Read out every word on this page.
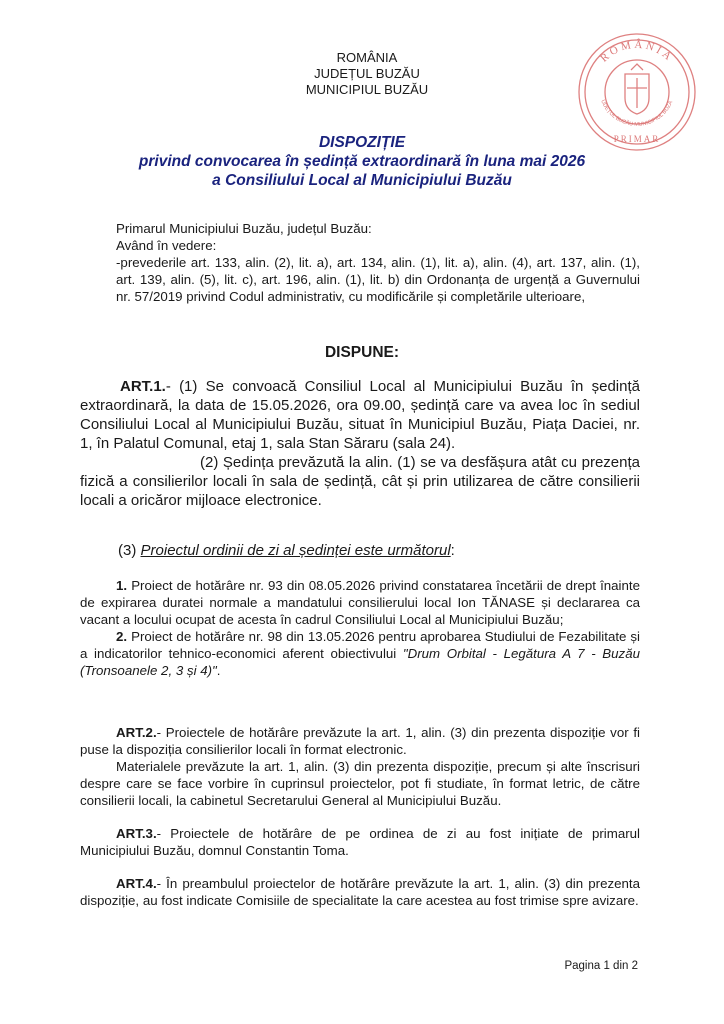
ROMÂNIA
JUDEȚUL BUZĂU
MUNICIPIUL BUZĂU
ROMÂNIA
UDEȚUL BUZĂU MUNICIPIUL BUZĂ
PRIMAR
DISPOZIȚIE
privind convocarea în ședință extraordinară în luna mai 2026
a Consiliului Local al Municipiului Buzău
Primarul Municipiului Buzău, județul Buzău:
Având în vedere:
-prevederile art. 133, alin. (2), lit. a), art. 134, alin. (1), lit. a), alin. (4), art. 137, alin. (1), art. 139, alin. (5), lit. c), art. 196, alin. (1), lit. b) din Ordonanța de urgență a Guvernului nr. 57/2019 privind Codul administrativ, cu modificările și completările ulterioare,
DISPUNE:

ART.1.- (1) Se convoacă Consiliul Local al Municipiului Buzău în ședință extraordinară, la data de 15.05.2026, ora 09.00, ședință care va avea loc în sediul Consiliului Local al Municipiului Buzău, situat în Municipiul Buzău, Piața Daciei, nr. 1, în Palatul Comunal, etaj 1, sala Stan Săraru (sala 24).

(2) Ședința prevăzută la alin. (1) se va desfășura atât cu prezența fizică a consilierilor locali în sala de ședință, cât și prin utilizarea de către consilierii locali a oricăror mijloace electronice.

(3) Proiectul ordinii de zi al ședinței este următorul:

1. Proiect de hotărâre nr. 93 din 08.05.2026 privind constatarea încetării de drept înainte de expirarea duratei normale a mandatului consilierului local Ion TĂNASE și declararea ca vacant a locului ocupat de acesta în cadrul Consiliului Local al Municipiului Buzău;

2. Proiect de hotărâre nr. 98 din 13.05.2026 pentru aprobarea Studiului de Fezabilitate și a indicatorilor tehnico-economici aferent obiectivului "Drum Orbital - Legătura A 7 - Buzău (Tronsoanele 2, 3 și 4)".

ART.2.- Proiectele de hotărâre prevăzute la art. 1, alin. (3) din prezenta dispoziție vor fi puse la dispoziția consilierilor locali în format electronic.

Materialele prevăzute la art. 1, alin. (3) din prezenta dispoziție, precum și alte înscrisuri despre care se face vorbire în cuprinsul proiectelor, pot fi studiate, în format letric, de către consilierii locali, la cabinetul Secretarului General al Municipiului Buzău.

ART.3.- Proiectele de hotărâre de pe ordinea de zi au fost inițiate de primarul Municipiului Buzău, domnul Constantin Toma.

ART.4.- În preambulul proiectelor de hotărâre prevăzute la art. 1, alin. (3) din prezenta dispoziție, au fost indicate Comisiile de specialitate la care acestea au fost trimise spre avizare.

Pagina 1 din 2
